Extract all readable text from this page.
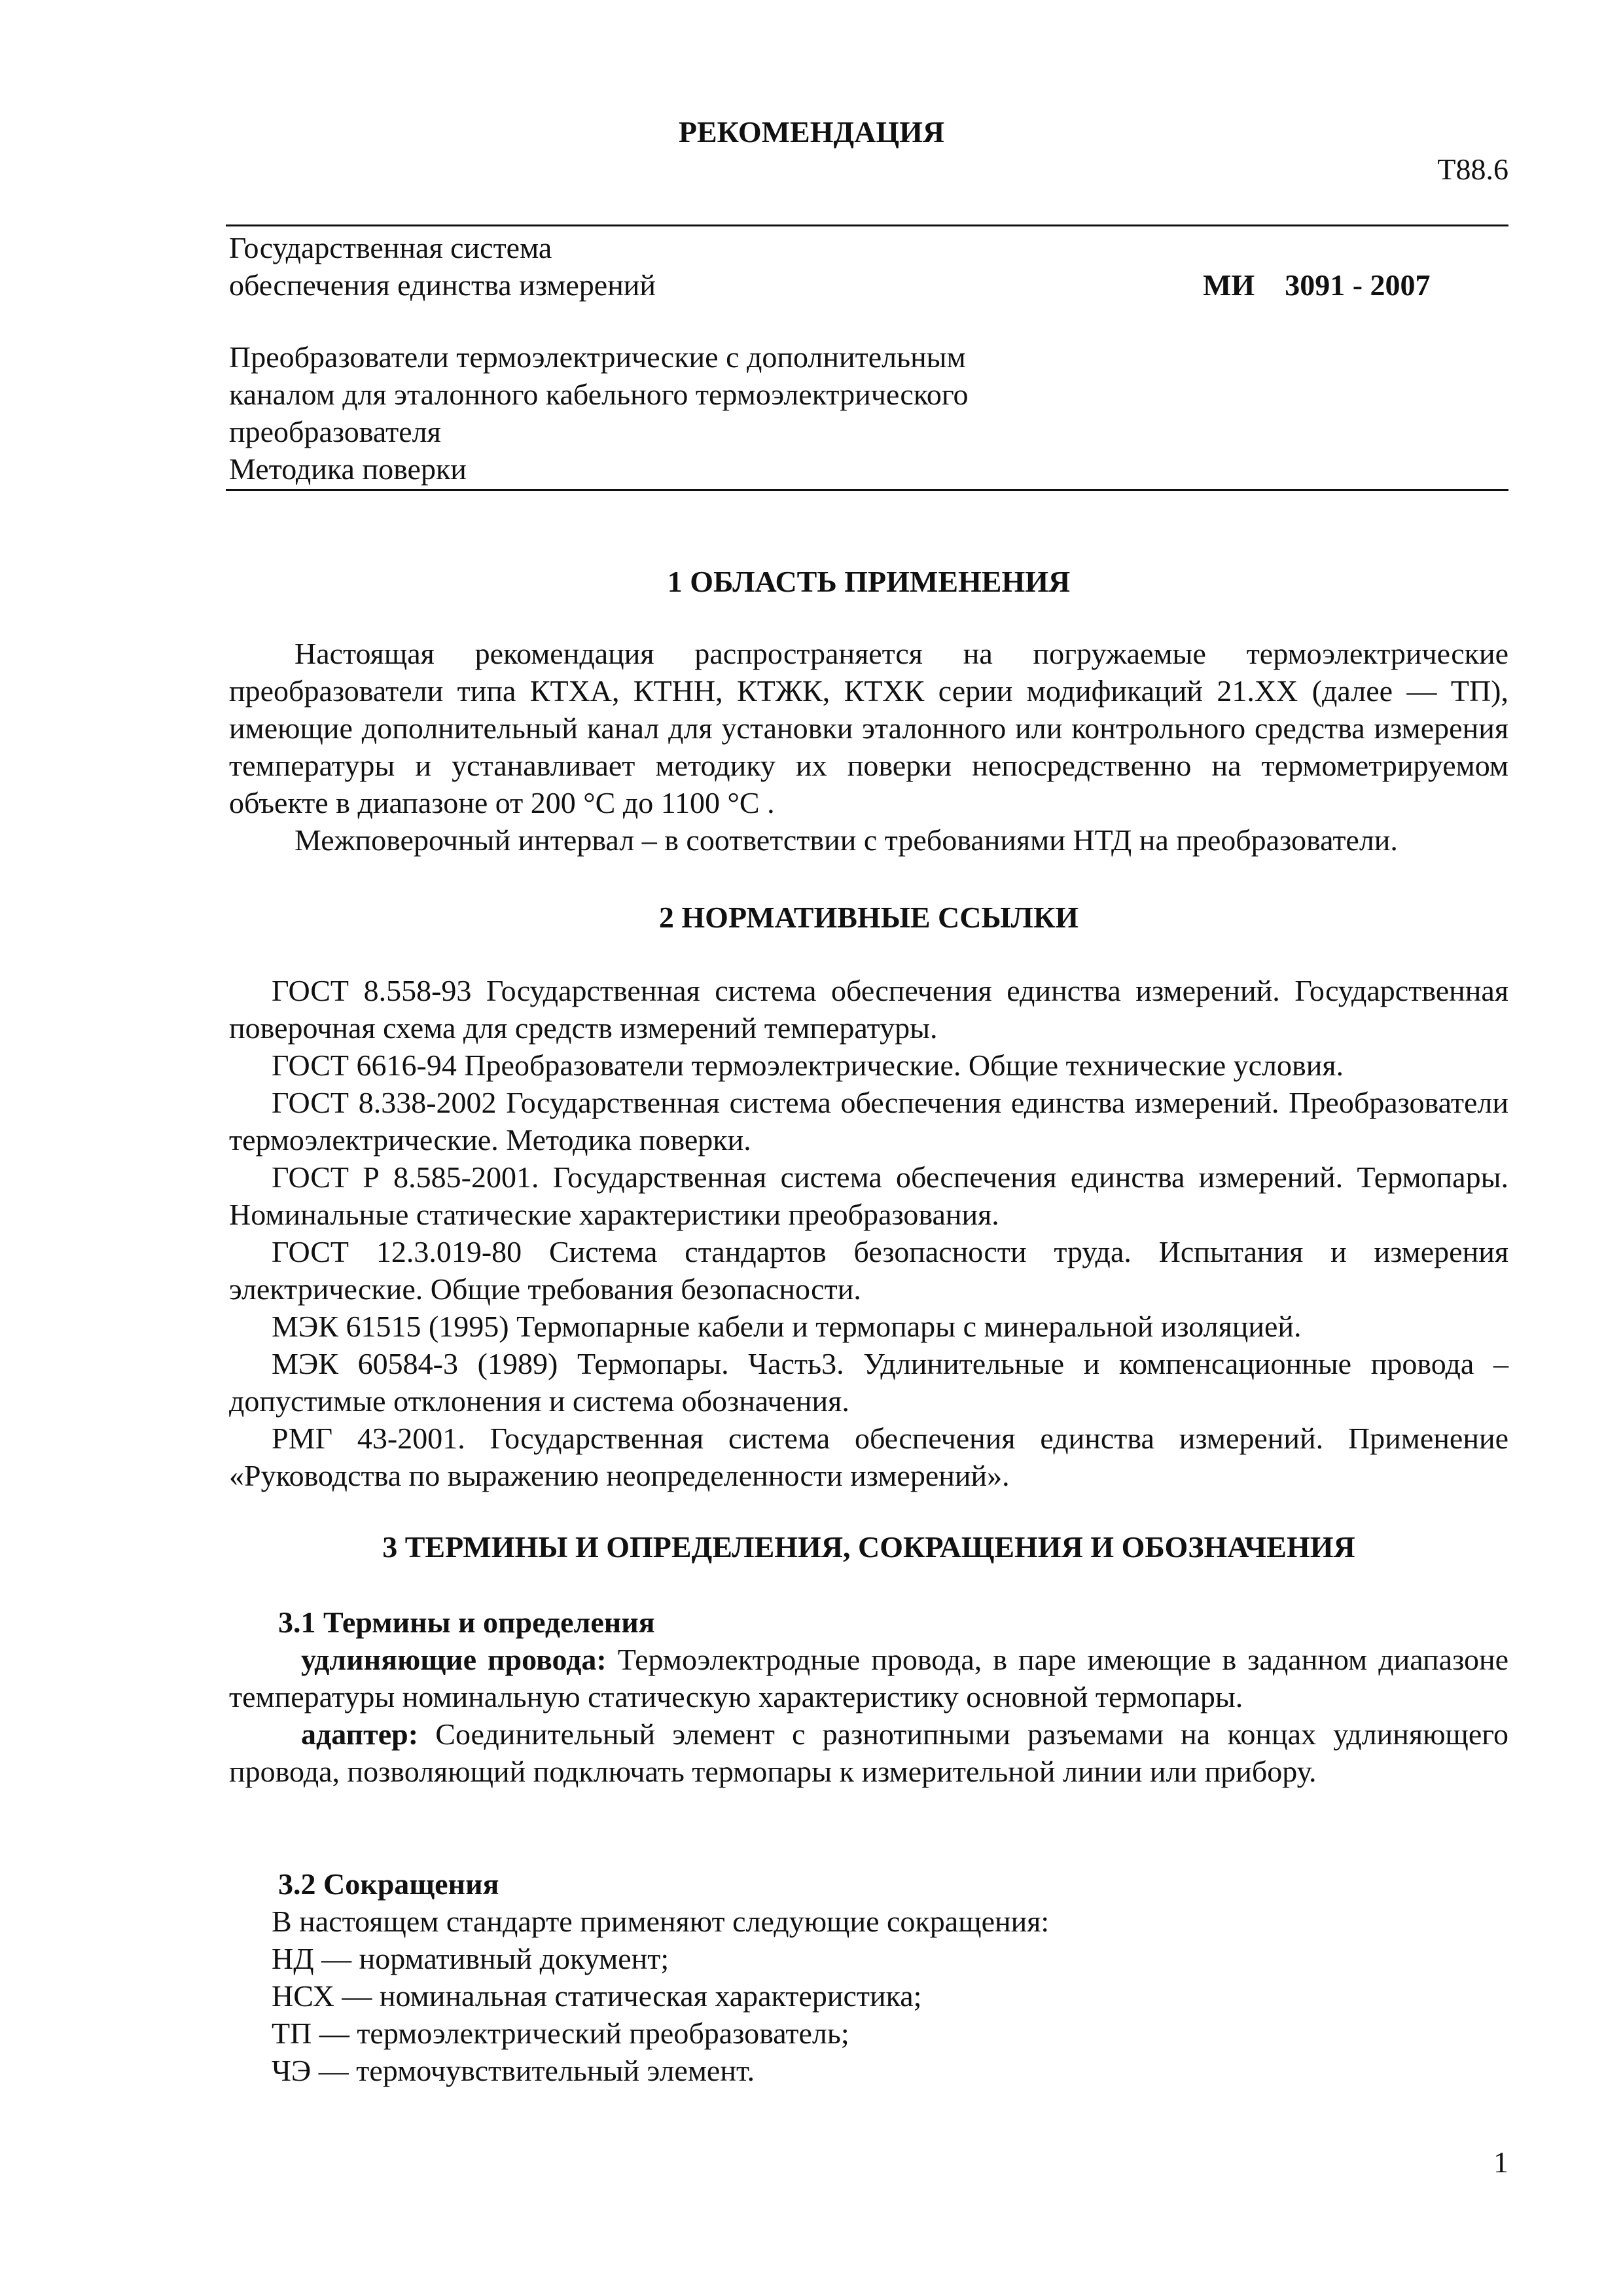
РЕКОМЕНДАЦИЯ
Т88.6
Государственная система
обеспечения единства измерений	МИ    3091 - 2007
Преобразователи термоэлектрические с дополнительным
каналом для эталонного кабельного термоэлектрического
преобразователя
Методика поверки

1 ОБЛАСТЬ ПРИМЕНЕНИЯ

Настоящая рекомендация распространяется на погружаемые термоэлектрические преобразователи типа КТХА, КТНН, КТЖК, КТХК серии модификаций 21.XX (далее — ТП), имеющие дополнительный канал для установки эталонного или контрольного средства измерения температуры и устанавливает методику их поверки непосредственно на термометрируемом объекте в диапазоне от 200 °С до 1100 °С .

Межповерочный интервал – в соответствии с требованиями НТД на преобразователи.

2 НОРМАТИВНЫЕ ССЫЛКИ

ГОСТ 8.558-93 Государственная система обеспечения единства измерений. Государственная поверочная схема для средств измерений температуры.

ГОСТ 6616-94 Преобразователи термоэлектрические. Общие технические условия.

ГОСТ 8.338-2002 Государственная система обеспечения единства измерений. Преобразователи термоэлектрические. Методика поверки.

ГОСТ Р 8.585-2001. Государственная система обеспечения единства измерений. Термопары. Номинальные статические характеристики преобразования.

ГОСТ 12.3.019-80 Система стандартов безопасности труда. Испытания и измерения электрические. Общие требования безопасности.

МЭК 61515 (1995) Термопарные кабели и термопары с минеральной изоляцией.

МЭК 60584-3 (1989) Термопары. Часть3. Удлинительные и компенсационные провода – допустимые отклонения и система обозначения.

РМГ 43-2001. Государственная система обеспечения единства измерений. Применение «Руководства по выражению неопределенности измерений».

3 ТЕРМИНЫ И ОПРЕДЕЛЕНИЯ, СОКРАЩЕНИЯ И ОБОЗНАЧЕНИЯ

3.1 Термины и определения

удлиняющие провода: Термоэлектродные провода, в паре имеющие в заданном диапазоне температуры номинальную статическую характеристику основной термопары.

адаптер: Соединительный элемент с разнотипными разъемами на концах удлиняющего провода, позволяющий подключать термопары к измерительной линии или прибору.

3.2 Сокращения

В настоящем стандарте применяют следующие сокращения:

НД — нормативный документ;

НСХ — номинальная статическая характеристика;

ТП — термоэлектрический преобразователь;

ЧЭ — термочувствительный элемент.

1
